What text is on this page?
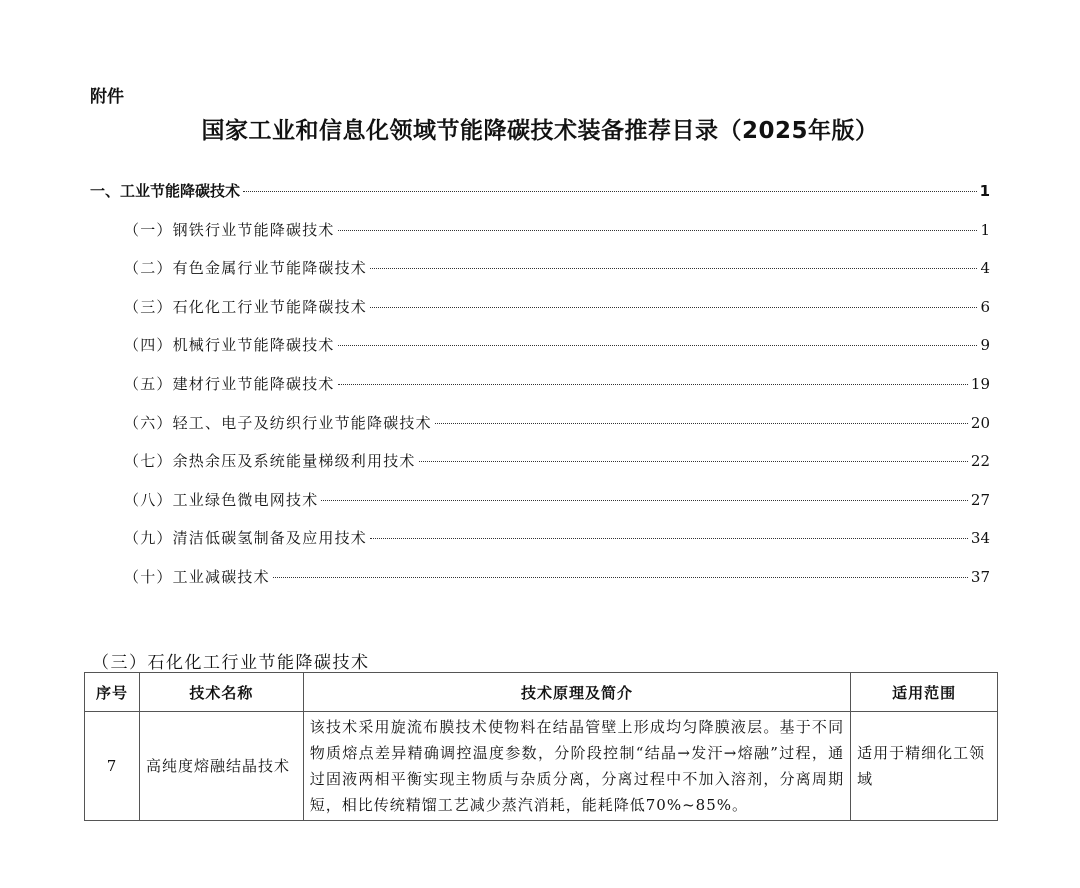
附件
国家工业和信息化领域节能降碳技术装备推荐目录（2025年版）
一、工业节能降碳技术	1
（一）钢铁行业节能降碳技术	1
（二）有色金属行业节能降碳技术	4
（三）石化化工行业节能降碳技术	6
（四）机械行业节能降碳技术	9
（五）建材行业节能降碳技术	19
（六）轻工、电子及纺织行业节能降碳技术	20
（七）余热余压及系统能量梯级利用技术	22
（八）工业绿色微电网技术	27
（九）清洁低碳氢制备及应用技术	34
（十）工业减碳技术	37
（三）石化化工行业节能降碳技术
序号	技术名称	技术原理及简介	适用范围
7	高纯度熔融结晶技术	该技术采用旋流布膜技术使物料在结晶管壁上形成均匀降膜液层。基于不同物质熔点差异精确调控温度参数，分阶段控制“结晶→发汗→熔融”过程，通过固液两相平衡实现主物质与杂质分离，分离过程中不加入溶剂，分离周期短，相比传统精馏工艺减少蒸汽消耗，能耗降低70%~85%。	适用于精细化工领域
